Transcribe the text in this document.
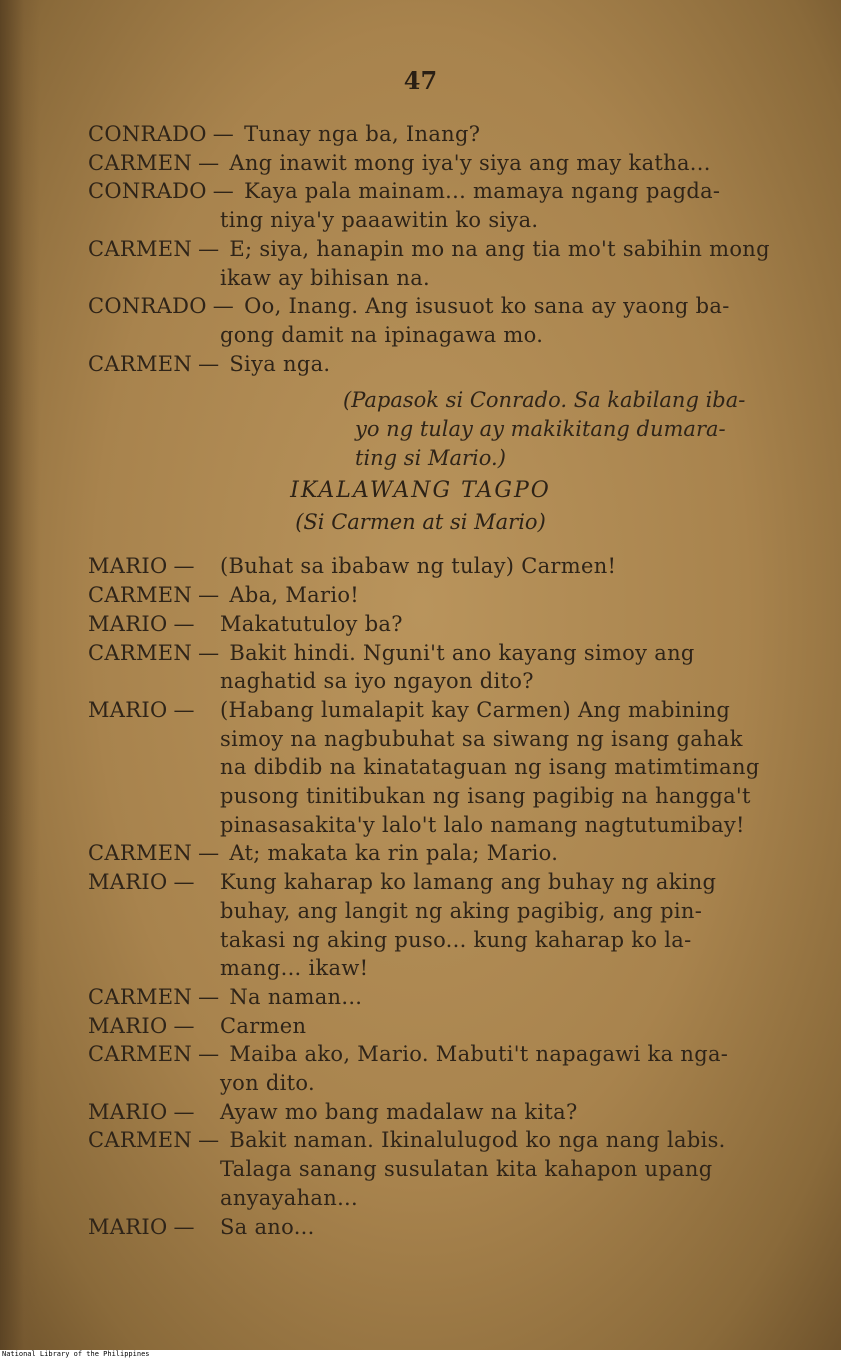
47
CONRADO — Tunay nga ba, Inang?
CARMEN — Ang inawit mong iya'y siya ang may katha...
CONRADO — Kaya pala mainam... mamaya ngang pagda-
ting niya'y paaawitin ko siya.
CARMEN — E; siya, hanapin mo na ang tia mo't sabihin mong
ikaw ay bihisan na.
CONRADO — Oo, Inang. Ang isusuot ko sana ay yaong ba-
gong damit na ipinagawa mo.
CARMEN — Siya nga.
(Papasok si Conrado. Sa kabilang iba-
yo ng tulay ay makikitang dumara-
ting si Mario.)
IKALAWANG TAGPO
(Si Carmen at si Mario)
MARIO — (Buhat sa ibabaw ng tulay) Carmen!
CARMEN — Aba, Mario!
MARIO — Makatutuloy ba?
CARMEN — Bakit hindi. Nguni't ano kayang simoy ang
naghatid sa iyo ngayon dito?
MARIO — (Habang lumalapit kay Carmen) Ang mabining
simoy na nagbubuhat sa siwang ng isang gahak
na dibdib na kinatataguan ng isang matimtimang
pusong tinitibukan ng isang pagibig na hangga't
pinasasakita'y lalo't lalo namang nagtutumibay!
CARMEN — At; makata ka rin pala; Mario.
MARIO — Kung kaharap ko lamang ang buhay ng aking
buhay, ang langit ng aking pagibig, ang pin-
takasi ng aking puso... kung kaharap ko la-
mang... ikaw!
CARMEN — Na naman...
MARIO — Carmen
CARMEN — Maiba ako, Mario. Mabuti't napagawi ka nga-
yon dito.
MARIO — Ayaw mo bang madalaw na kita?
CARMEN — Bakit naman. Ikinalulugod ko nga nang labis.
Talaga sanang susulatan kita kahapon upang
anyayahan...
MARIO — Sa ano...
National Library of the Philippines
